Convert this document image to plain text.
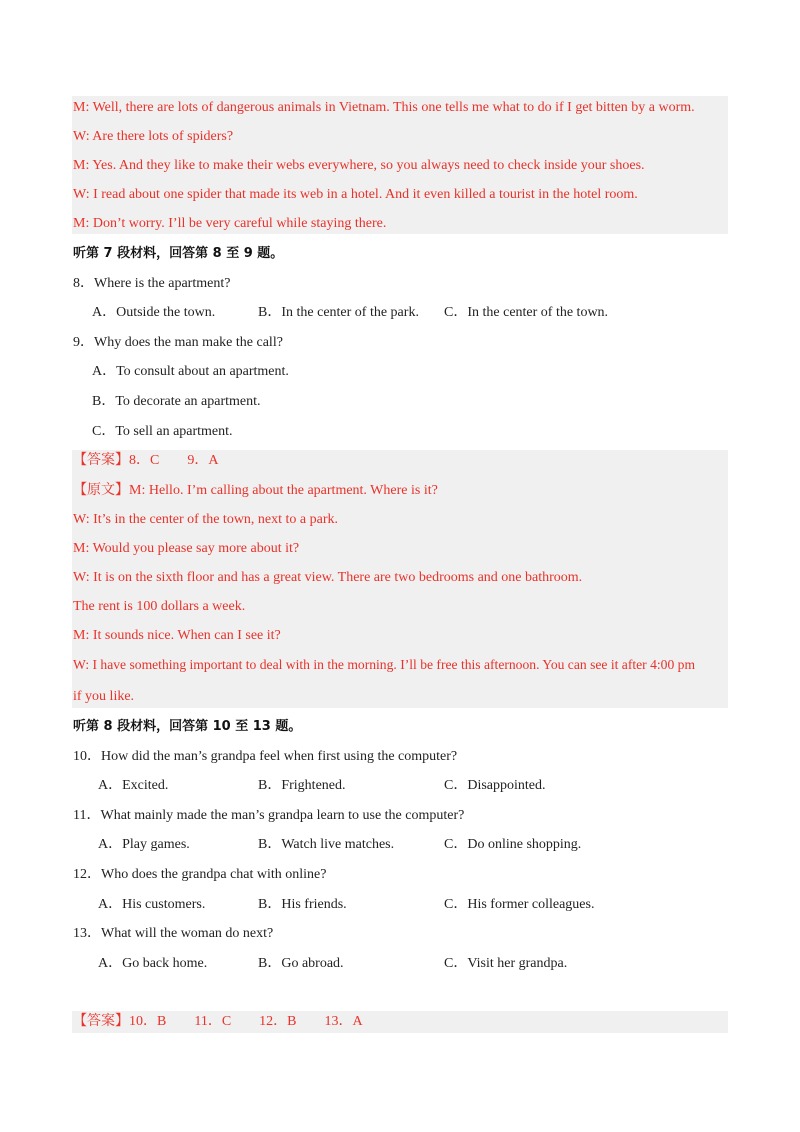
M: Well, there are lots of dangerous animals in Vietnam. This one tells me what to do if I get bitten by a worm.
W: Are there lots of spiders?
M: Yes. And they like to make their webs everywhere, so you always need to check inside your shoes.
W: I read about one spider that made its web in a hotel. And it even killed a tourist in the hotel room.
M: Don’t worry. I’ll be very careful while staying there.
听第 7 段材料，回答第 8 至 9 题。
8．Where is the apartment?
A．Outside the town.	B．In the center of the park. C．In the center of the town.
9．Why does the man make the call?
A．To consult about an apartment.
B．To decorate an apartment.
C．To sell an apartment.
【答案】8．C　　9．A
【原文】M: Hello. I’m calling about the apartment. Where is it?
W: It’s in the center of the town, next to a park.
M: Would you please say more about it?
W: It is on the sixth floor and has a great view. There are two bedrooms and one bathroom.
The rent is 100 dollars a week.
M: It sounds nice. When can I see it?
W: I have something important to deal with in the morning. I’ll be free this afternoon. You can see it after 4:00 pm
if you like.
听第 8 段材料，回答第 10 至 13 题。
10．How did the man’s grandpa feel when first using the computer?
A．Excited.	B．Frightened.	C．Disappointed.
11．What mainly made the man’s grandpa learn to use the computer?
A．Play games.	B．Watch live matches.	C．Do online shopping.
12．Who does the grandpa chat with online?
A．His customers.	B．His friends.	C．His former colleagues.
13．What will the woman do next?
A．Go back home.	B．Go abroad.	C．Visit her grandpa.
【答案】10．B　　11．C　　12．B　　13．A
